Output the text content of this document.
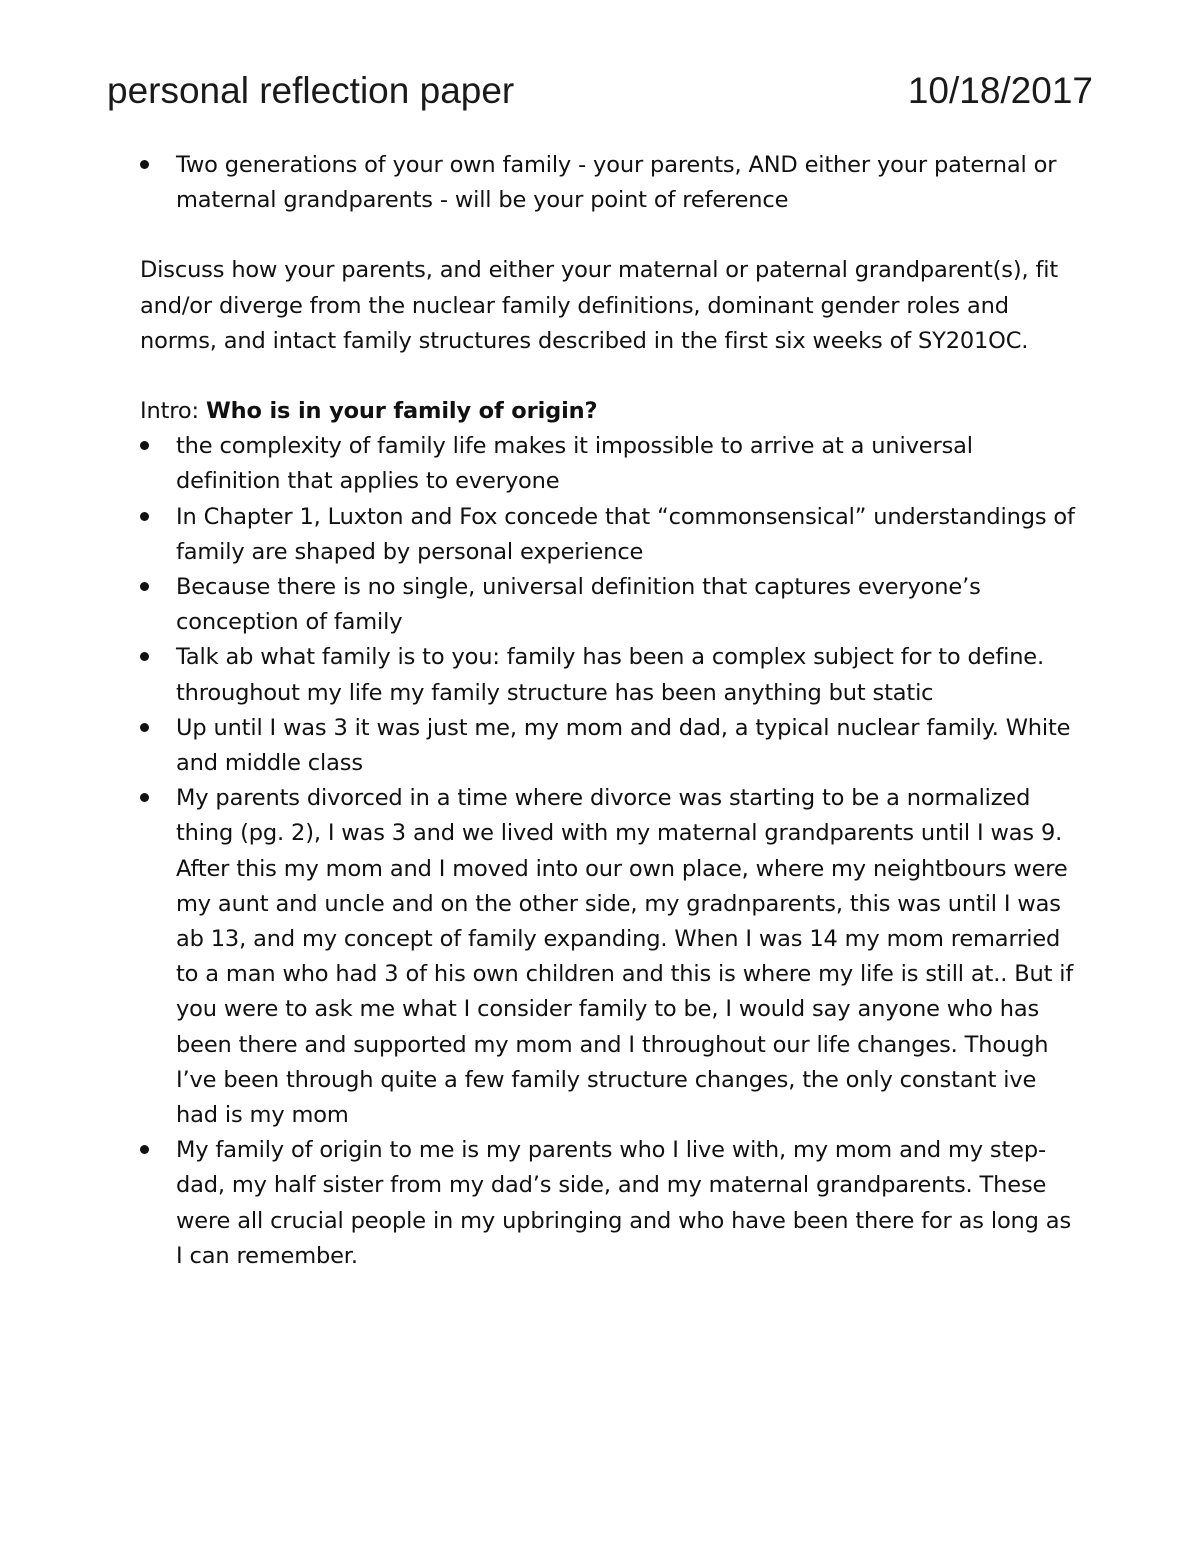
personal reflection paper	10/18/2017
Two generations of your own family - your parents, AND either your paternal or maternal grandparents - will be your point of reference

Discuss how your parents, and either your maternal or paternal grandparent(s), fit and/or diverge from the nuclear family definitions, dominant gender roles and norms, and intact family structures described in the first six weeks of SY201OC.

Intro: Who is in your family of origin?

the complexity of family life makes it impossible to arrive at a universal definition that applies to everyone
In Chapter 1, Luxton and Fox concede that “commonsensical” understandings of family are shaped by personal experience
Because there is no single, universal definition that captures everyone’s conception of family
Talk ab what family is to you: family has been a complex subject for to define. throughout my life my family structure has been anything but static
Up until I was 3 it was just me, my mom and dad, a typical nuclear family. White and middle class
My parents divorced in a time where divorce was starting to be a normalized thing (pg. 2), I was 3 and we lived with my maternal grandparents until I was 9. After this my mom and I moved into our own place, where my neightbours were my aunt and uncle and on the other side, my gradnparents, this was until I was ab 13, and my concept of family expanding. When I was 14 my mom remarried to a man who had 3 of his own children and this is where my life is still at.. But if you were to ask me what I consider family to be, I would say anyone who has been there and supported my mom and I throughout our life changes. Though I’ve been through quite a few family structure changes, the only constant ive had is my mom
My family of origin to me is my parents who I live with, my mom and my step-dad, my half sister from my dad’s side, and my maternal grandparents. These were all crucial people in my upbringing and who have been there for as long as I can remember.
